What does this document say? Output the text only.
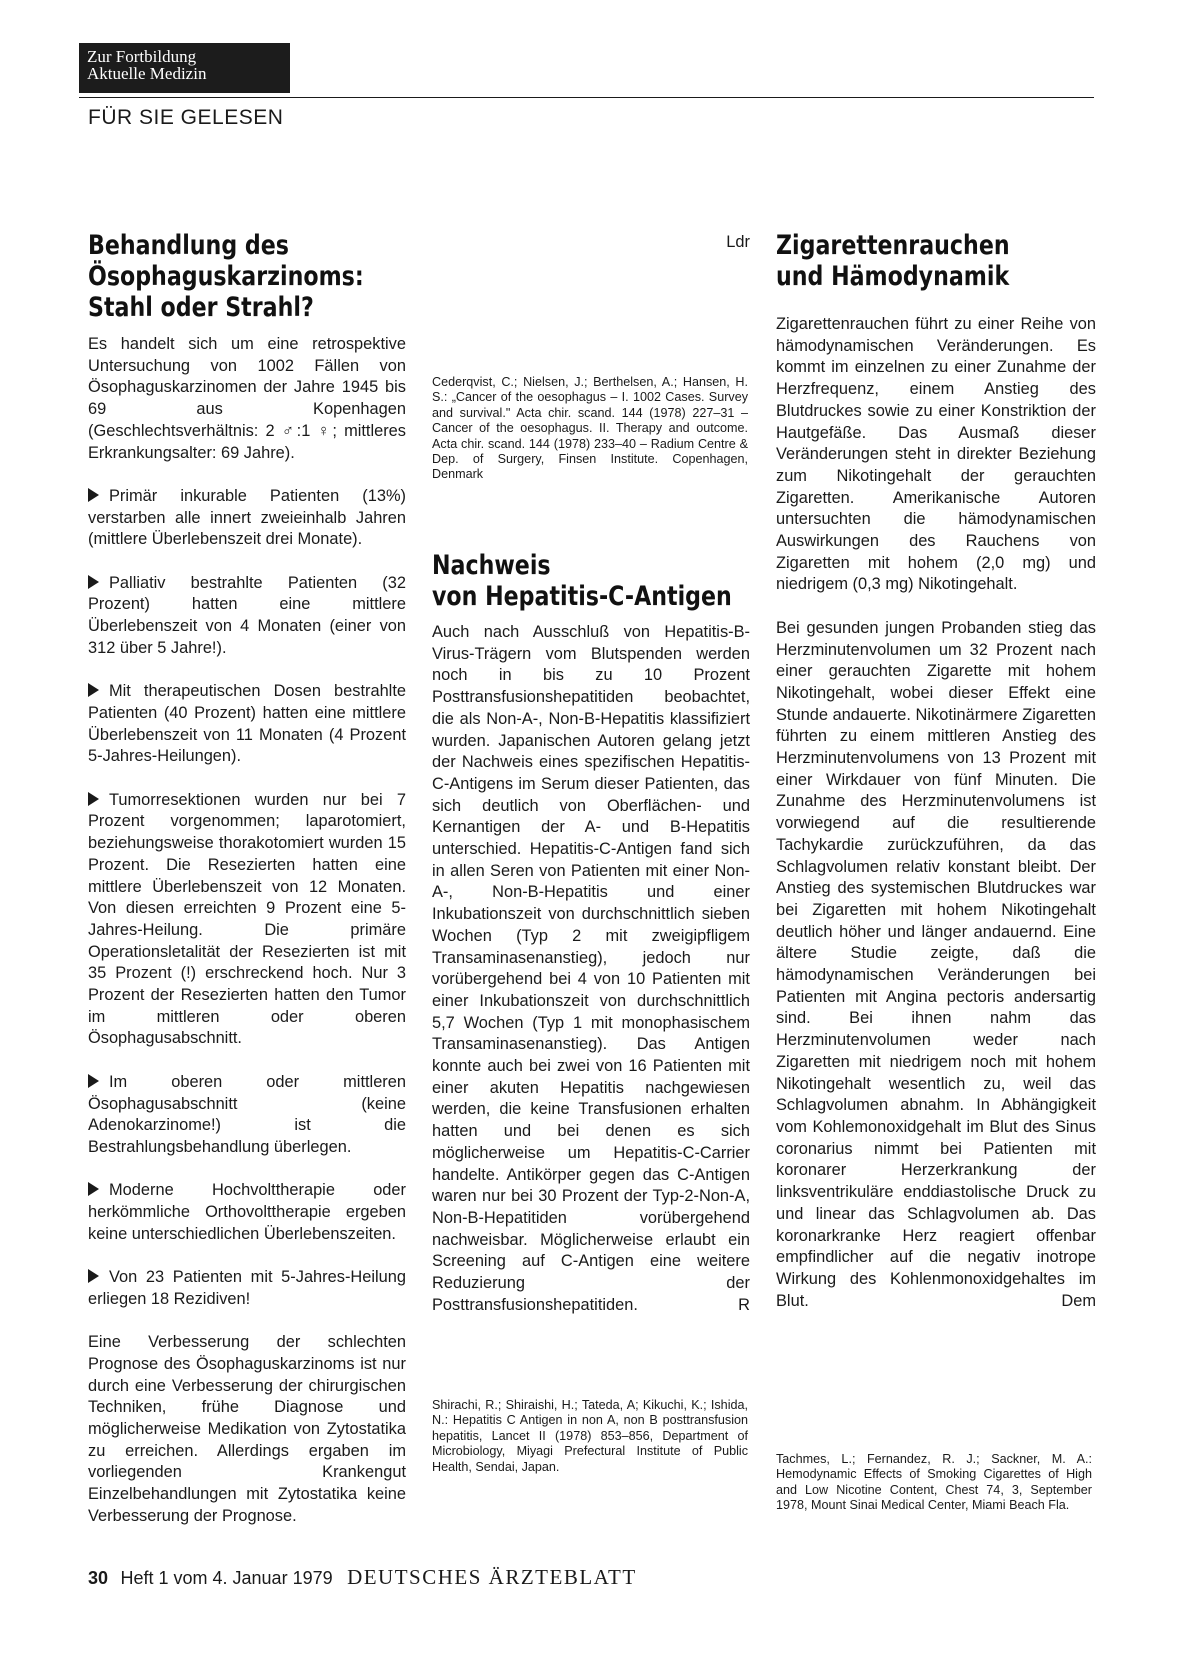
Zur Fortbildung
Aktuelle Medizin
FÜR SIE GELESEN
Behandlung des
Ösophaguskarzinoms:
Stahl oder Strahl?

Es handelt sich um eine retrospektive Untersuchung von 1002 Fällen von Ösophaguskarzinomen der Jahre 1945 bis 69 aus Kopenhagen (Geschlechtsverhältnis: 2 ♂:1 ♀; mittleres Erkrankungsalter: 69 Jahre).

Primär inkurable Patienten (13%) verstarben alle innert zweieinhalb Jahren (mittlere Überlebenszeit drei Monate).

Palliativ bestrahlte Patienten (32 Prozent) hatten eine mittlere Überlebenszeit von 4 Monaten (einer von 312 über 5 Jahre!).

Mit therapeutischen Dosen bestrahlte Patienten (40 Prozent) hatten eine mittlere Überlebenszeit von 11 Monaten (4 Prozent 5-Jahres-Heilungen).

Tumorresektionen wurden nur bei 7 Prozent vorgenommen; laparotomiert, beziehungsweise thorakotomiert wurden 15 Prozent. Die Resezierten hatten eine mittlere Überlebenszeit von 12 Monaten. Von diesen erreichten 9 Prozent eine 5-Jahres-Heilung. Die primäre Operationsletalität der Resezierten ist mit 35 Prozent (!) erschreckend hoch. Nur 3 Prozent der Resezierten hatten den Tumor im mittleren oder oberen Ösophagusabschnitt.

Im oberen oder mittleren Ösophagusabschnitt (keine Adenokarzinome!) ist die Bestrahlungsbehandlung überlegen.

Moderne Hochvolttherapie oder herkömmliche Orthovolttherapie ergeben keine unterschiedlichen Überlebenszeiten.

Von 23 Patienten mit 5-Jahres-Heilung erliegen 18 Rezidiven!

Eine Verbesserung der schlechten Prognose des Ösophaguskarzinoms ist nur durch eine Verbesserung der chirurgischen Techniken, frühe Diagnose und möglicherweise Medikation von Zytostatika zu erreichen. Allerdings ergaben im vorliegenden Krankengut Einzelbehandlungen mit Zytostatika keine Verbesserung der Prognose.

Ldr

Cederqvist, C.; Nielsen, J.; Berthelsen, A.; Hansen, H. S.: „Cancer of the oesophagus – I. 1002 Cases. Survey and survival." Acta chir. scand. 144 (1978) 227–31 – Cancer of the oesophagus. II. Therapy and outcome. Acta chir. scand. 144 (1978) 233–40 – Radium Centre & Dep. of Surgery, Finsen Institute. Copenhagen, Denmark
Nachweis
von Hepatitis-C-Antigen

Auch nach Ausschluß von Hepatitis-B-Virus-Trägern vom Blutspenden werden noch in bis zu 10 Prozent Posttransfusionshepatitiden beobachtet, die als Non-A-, Non-B-Hepatitis klassifiziert wurden. Japanischen Autoren gelang jetzt der Nachweis eines spezifischen Hepatitis-C-Antigens im Serum dieser Patienten, das sich deutlich von Oberflächen- und Kernantigen der A- und B-Hepatitis unterschied. Hepatitis-C-Antigen fand sich in allen Seren von Patienten mit einer Non-A-, Non-B-Hepatitis und einer Inkubationszeit von durchschnittlich sieben Wochen (Typ 2 mit zweigipfligem Transaminasenanstieg), jedoch nur vorübergehend bei 4 von 10 Patienten mit einer Inkubationszeit von durchschnittlich 5,7 Wochen (Typ 1 mit monophasischem Transaminasenanstieg). Das Antigen konnte auch bei zwei von 16 Patienten mit einer akuten Hepatitis nachgewiesen werden, die keine Transfusionen erhalten hatten und bei denen es sich möglicherweise um Hepatitis-C-Carrier handelte. Antikörper gegen das C-Antigen waren nur bei 30 Prozent der Typ-2-Non-A, Non-B-Hepatitiden vorübergehend nachweisbar. Möglicherweise erlaubt ein Screening auf C-Antigen eine weitere Reduzierung der Posttransfusionshepatitiden.	R

Shirachi, R.; Shiraishi, H.; Tateda, A; Kikuchi, K.; Ishida, N.: Hepatitis C Antigen in non A, non B posttransfusion hepatitis, Lancet II (1978) 853–856, Department of Microbiology, Miyagi Prefectural Institute of Public Health, Sendai, Japan.
Zigarettenrauchen
und Hämodynamik

Zigarettenrauchen führt zu einer Reihe von hämodynamischen Veränderungen. Es kommt im einzelnen zu einer Zunahme der Herzfrequenz, einem Anstieg des Blutdruckes sowie zu einer Konstriktion der Hautgefäße. Das Ausmaß dieser Veränderungen steht in direkter Beziehung zum Nikotingehalt der gerauchten Zigaretten. Amerikanische Autoren untersuchten die hämodynamischen Auswirkungen des Rauchens von Zigaretten mit hohem (2,0 mg) und niedrigem (0,3 mg) Nikotingehalt.

Bei gesunden jungen Probanden stieg das Herzminutenvolumen um 32 Prozent nach einer gerauchten Zigarette mit hohem Nikotingehalt, wobei dieser Effekt eine Stunde andauerte. Nikotinärmere Zigaretten führten zu einem mittleren Anstieg des Herzminutenvolumens von 13 Prozent mit einer Wirkdauer von fünf Minuten. Die Zunahme des Herzminutenvolumens ist vorwiegend auf die resultierende Tachykardie zurückzuführen, da das Schlagvolumen relativ konstant bleibt. Der Anstieg des systemischen Blutdruckes war bei Zigaretten mit hohem Nikotingehalt deutlich höher und länger andauernd. Eine ältere Studie zeigte, daß die hämodynamischen Veränderungen bei Patienten mit Angina pectoris andersartig sind. Bei ihnen nahm das Herzminutenvolumen weder nach Zigaretten mit niedrigem noch mit hohem Nikotingehalt wesentlich zu, weil das Schlagvolumen abnahm. In Abhängigkeit vom Kohlemonoxidgehalt im Blut des Sinus coronarius nimmt bei Patienten mit koronarer Herzerkrankung der linksventrikuläre enddiastolische Druck zu und linear das Schlagvolumen ab. Das koronarkranke Herz reagiert offenbar empfindlicher auf die negativ inotrope Wirkung des Kohlenmonoxidgehaltes im Blut.	Dem

Tachmes, L.; Fernandez, R. J.; Sackner, M. A.: Hemodynamic Effects of Smoking Cigarettes of High and Low Nicotine Content, Chest 74, 3, September 1978, Mount Sinai Medical Center, Miami Beach Fla.
30 Heft 1 vom 4. Januar 1979 DEUTSCHES ÄRZTEBLATT
